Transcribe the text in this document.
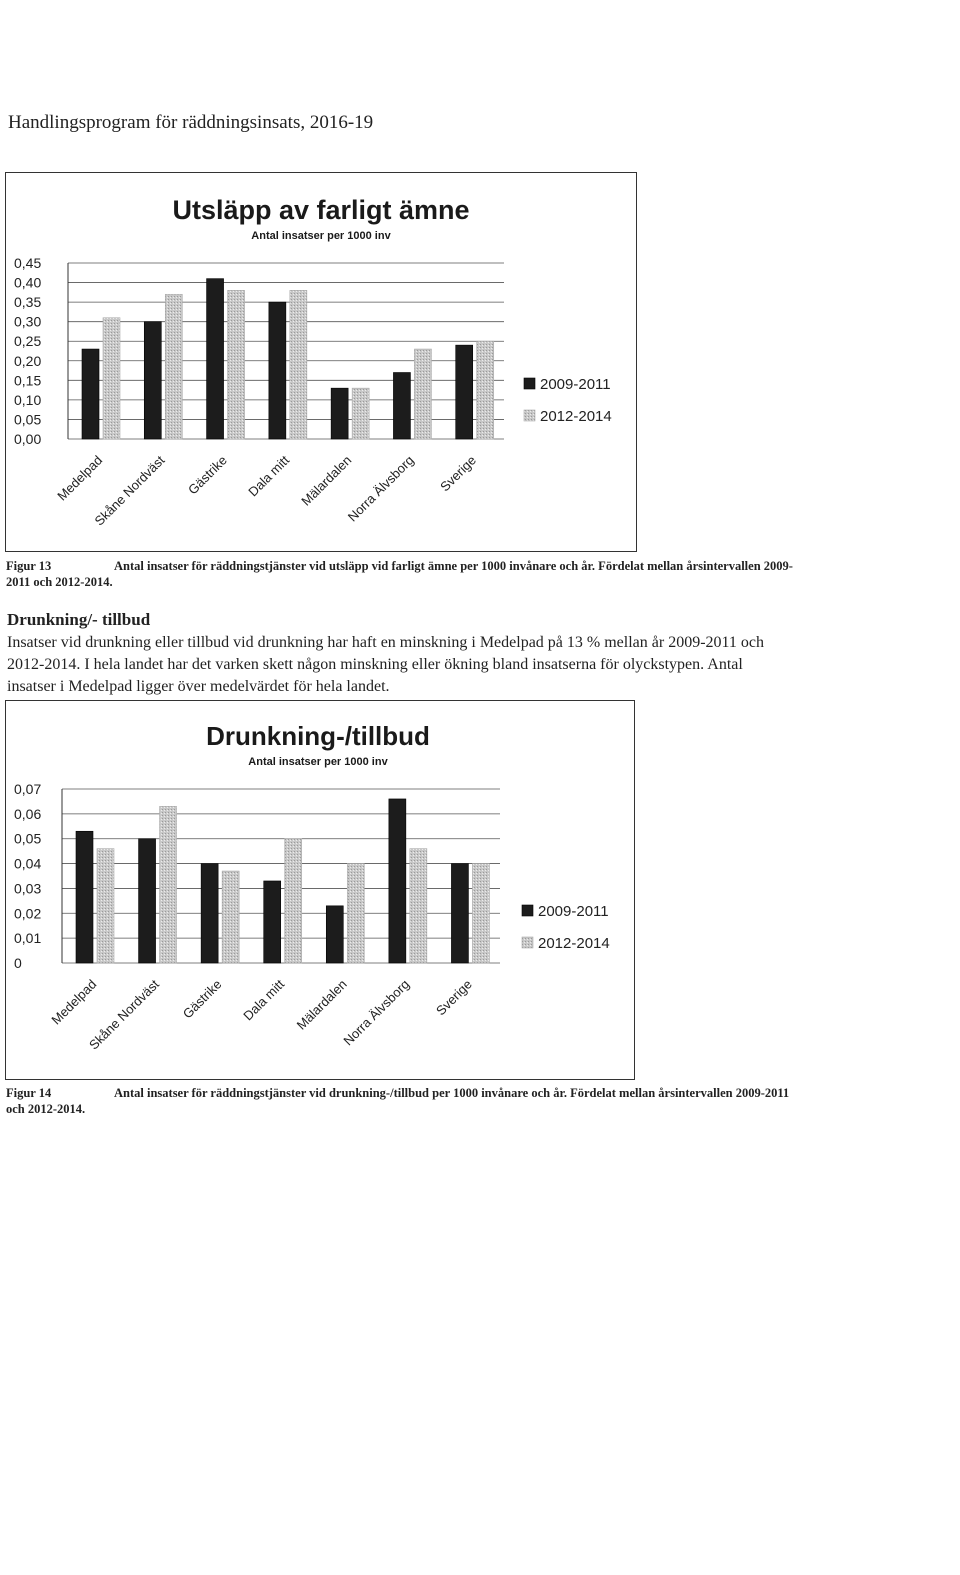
Handlingsprogram för räddningsinsats, 2016-19
Utsläpp av farligt ämne
Antal insatser per 1000 inv
0,00
0,05
0,10
0,15
0,20
0,25
0,30
0,35
0,40
0,45
Medelpad
Skåne Nordväst Gästrike Dala mitt Mälardalen
Norra Älvsborg Sverige
2009-2011
2012-2014
Figur 13	Antal insatser för räddningstjänster vid utsläpp vid farligt ämne per 1000 invånare och år. Fördelat mellan årsintervallen 2009-2011 och 2012-2014.
Drunkning/- tillbud
Insatser vid drunkning eller tillbud vid drunkning har haft en minskning i Medelpad på 13 % mellan år 2009-2011 och 2012-2014. I hela landet har det varken skett någon minskning eller ökning bland insatserna för olyckstypen. Antal insatser i Medelpad ligger över medelvärdet för hela landet.
Drunkning-/tillbud
Antal insatser per 1000 inv
0
0,01
0,02
0,03
0,04
0,05
0,06
0,07
Medelpad
Skåne Nordväst Gästrike Dala mitt Mälardalen
Norra Älvsborg Sverige
2009-2011
2012-2014
Figur 14	Antal insatser för räddningstjänster vid drunkning-/tillbud per 1000 invånare och år. Fördelat mellan årsintervallen 2009-2011 och 2012-2014.
